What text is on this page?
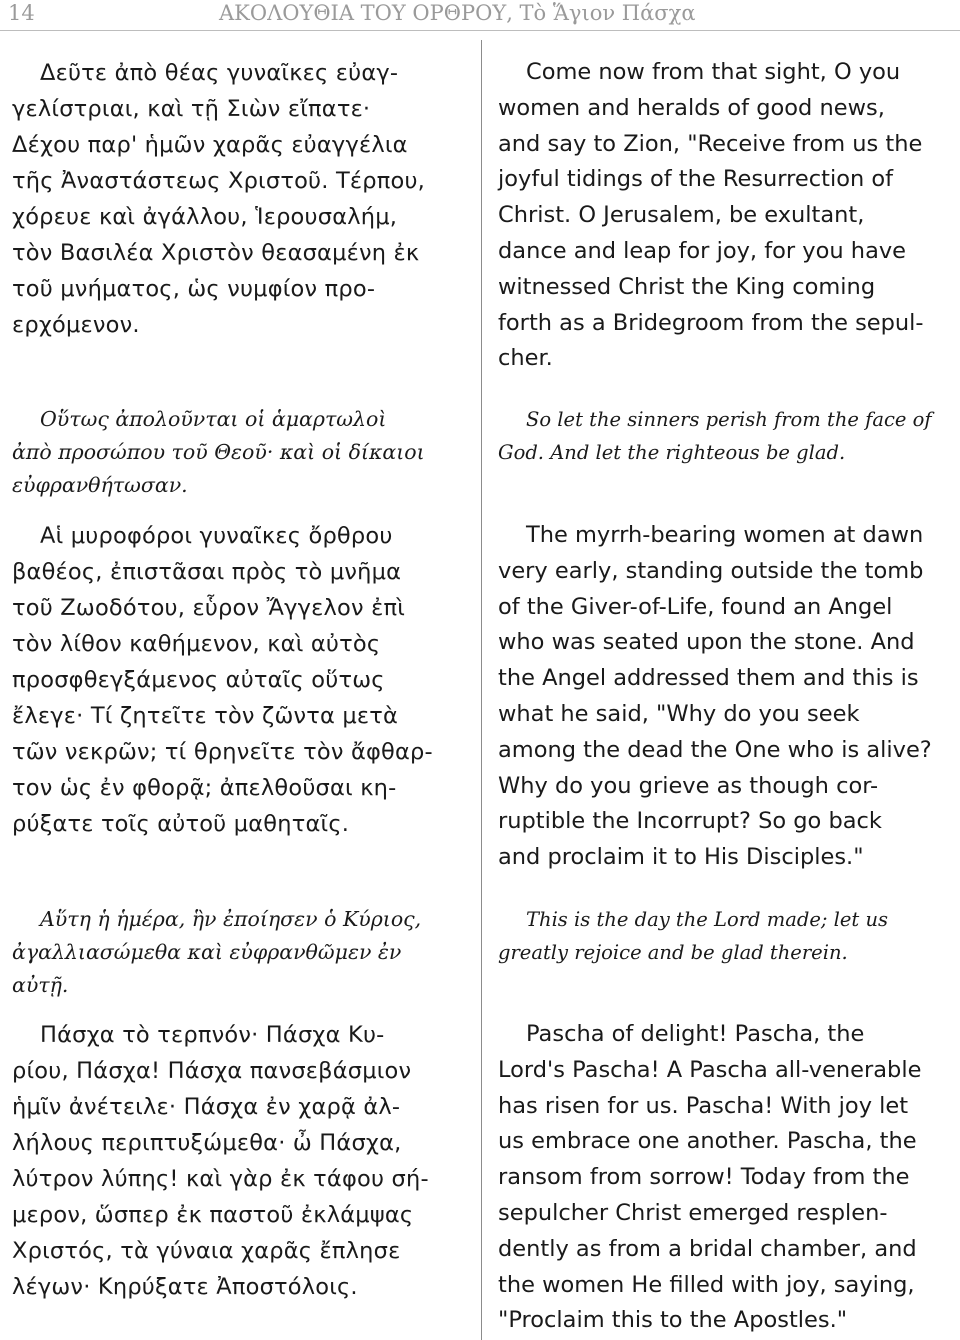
14	ΑΚΟΛΟΥΘΙΑ ΤΟΥ ΟΡΘΡΟΥ, Τὸ Ἅγιον Πάσχα
Δεῦτε ἀπὸ θέας γυναῖκες εὐαγ-
γελίστριαι, καὶ τῇ Σιὼν εἴπατε·
Δέχου παρ' ἡμῶν χαρᾶς εὐαγγέλια
τῆς Ἀναστάστεως Χριστοῦ. Τέρπου,
χόρευε καὶ ἀγάλλου, Ἱερουσαλήμ,
τὸν Βασιλέα Χριστὸν θεασαμένη ἐκ
τοῦ μνήματος, ὡς νυμφίον προ-
ερχόμενον.
Come now from that sight, O you
women and heralds of good news,
and say to Zion, "Receive from us the
joyful tidings of the Resurrection of
Christ. O Jerusalem, be exultant,
dance and leap for joy, for you have
witnessed Christ the King coming
forth as a Bridegroom from the sepul-
cher.
Οὕτως ἀπολοῦνται οἱ ἁμαρτωλοὶ
ἀπὸ προσώπου τοῦ Θεοῦ· καὶ οἱ δίκαιοι
εὐφρανθήτωσαν.
So let the sinners perish from the face of
God. And let the righteous be glad.
Αἱ μυροφόροι γυναῖκες ὄρθρου
βαθέος, ἐπιστᾶσαι πρὸς τὸ μνῆμα
τοῦ Ζωοδότου, εὗρον Ἄγγελον ἐπὶ
τὸν λίθον καθήμενον, καὶ αὐτὸς
προσφθεγξάμενος αὐταῖς οὕτως
ἔλεγε· Τί ζητεῖτε τὸν ζῶντα μετὰ
τῶν νεκρῶν; τί θρηνεῖτε τὸν ἄφθαρ-
τον ὡς ἐν φθορᾷ; ἀπελθοῦσαι κη-
ρύξατε τοῖς αὐτοῦ μαθηταῖς.
The myrrh-bearing women at dawn
very early, standing outside the tomb
of the Giver-of-Life, found an Angel
who was seated upon the stone. And
the Angel addressed them and this is
what he said, "Why do you seek
among the dead the One who is alive?
Why do you grieve as though cor-
ruptible the Incorrupt? So go back
and proclaim it to His Disciples."
Αὕτη ἡ ἡμέρα, ἣν ἐποίησεν ὁ Κύριος,
ἀγαλλιασώμεθα καὶ εὐφρανθῶμεν ἐν
αὐτῇ.
This is the day the Lord made; let us
greatly rejoice and be glad therein.
Πάσχα τὸ τερπνόν· Πάσχα Κυ-
ρίου, Πάσχα! Πάσχα πανσεβάσμιον
ἡμῖν ἀνέτειλε· Πάσχα ἐν χαρᾷ ἀλ-
λήλους περιπτυξώμεθα· ὦ Πάσχα,
λύτρον λύπης! καὶ γὰρ ἐκ τάφου σή-
μερον, ὥσπερ ἐκ παστοῦ ἐκλάμψας
Χριστός, τὰ γύναια χαρᾶς ἔπλησε
λέγων· Κηρύξατε Ἀποστόλοις.
Pascha of delight! Pascha, the
Lord's Pascha! A Pascha all-venerable
has risen for us. Pascha! With joy let
us embrace one another. Pascha, the
ransom from sorrow! Today from the
sepulcher Christ emerged resplen-
dently as from a bridal chamber, and
the women He filled with joy, saying,
"Proclaim this to the Apostles."
